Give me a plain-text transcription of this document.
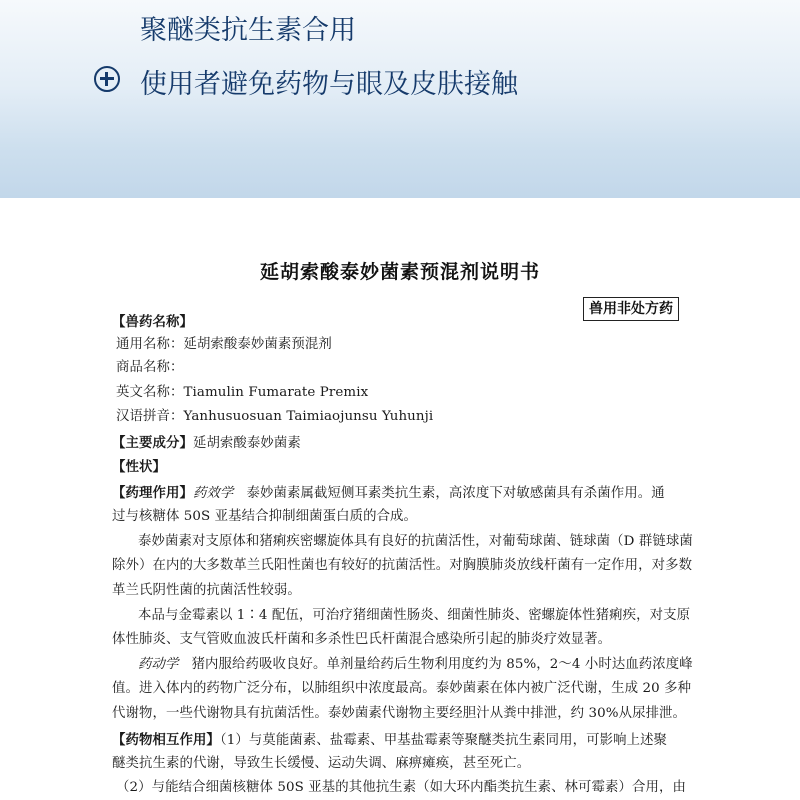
聚醚类抗生素合用
使用者避免药物与眼及皮肤接触
延胡索酸泰妙菌素预混剂说明书
兽用非处方药
【兽药名称】
通用名称：延胡索酸泰妙菌素预混剂
商品名称：
英文名称：Tiamulin Fumarate Premix
汉语拼音：Yanhusuosuan Taimiaojunsu Yuhunji
【主要成分】延胡索酸泰妙菌素
【性状】
【药理作用】药效学 泰妙菌素属截短侧耳素类抗生素，高浓度下对敏感菌具有杀菌作用。通
过与核糖体 50S 亚基结合抑制细菌蛋白质的合成。
泰妙菌素对支原体和猪痢疾密螺旋体具有良好的抗菌活性，对葡萄球菌、链球菌（D 群链球菌
除外）在内的大多数革兰氏阳性菌也有较好的抗菌活性。对胸膜肺炎放线杆菌有一定作用，对多数
革兰氏阴性菌的抗菌活性较弱。
本品与金霉素以 1∶4 配伍，可治疗猪细菌性肠炎、细菌性肺炎、密螺旋体性猪痢疾，对支原
体性肺炎、支气管败血波氏杆菌和多杀性巴氏杆菌混合感染所引起的肺炎疗效显著。
药动学 猪内服给药吸收良好。单剂量给药后生物利用度约为 85%，2～4 小时达血药浓度峰
值。进入体内的药物广泛分布，以肺组织中浓度最高。泰妙菌素在体内被广泛代谢，生成 20 多种
代谢物，一些代谢物具有抗菌活性。泰妙菌素代谢物主要经胆汁从粪中排泄，约 30%从尿排泄。
【药物相互作用】（1）与莫能菌素、盐霉素、甲基盐霉素等聚醚类抗生素同用，可影响上述聚
醚类抗生素的代谢，导致生长缓慢、运动失调、麻痹瘫痪，甚至死亡。
（2）与能结合细菌核糖体 50S 亚基的其他抗生素（如大环内酯类抗生素、林可霉素）合用，由
